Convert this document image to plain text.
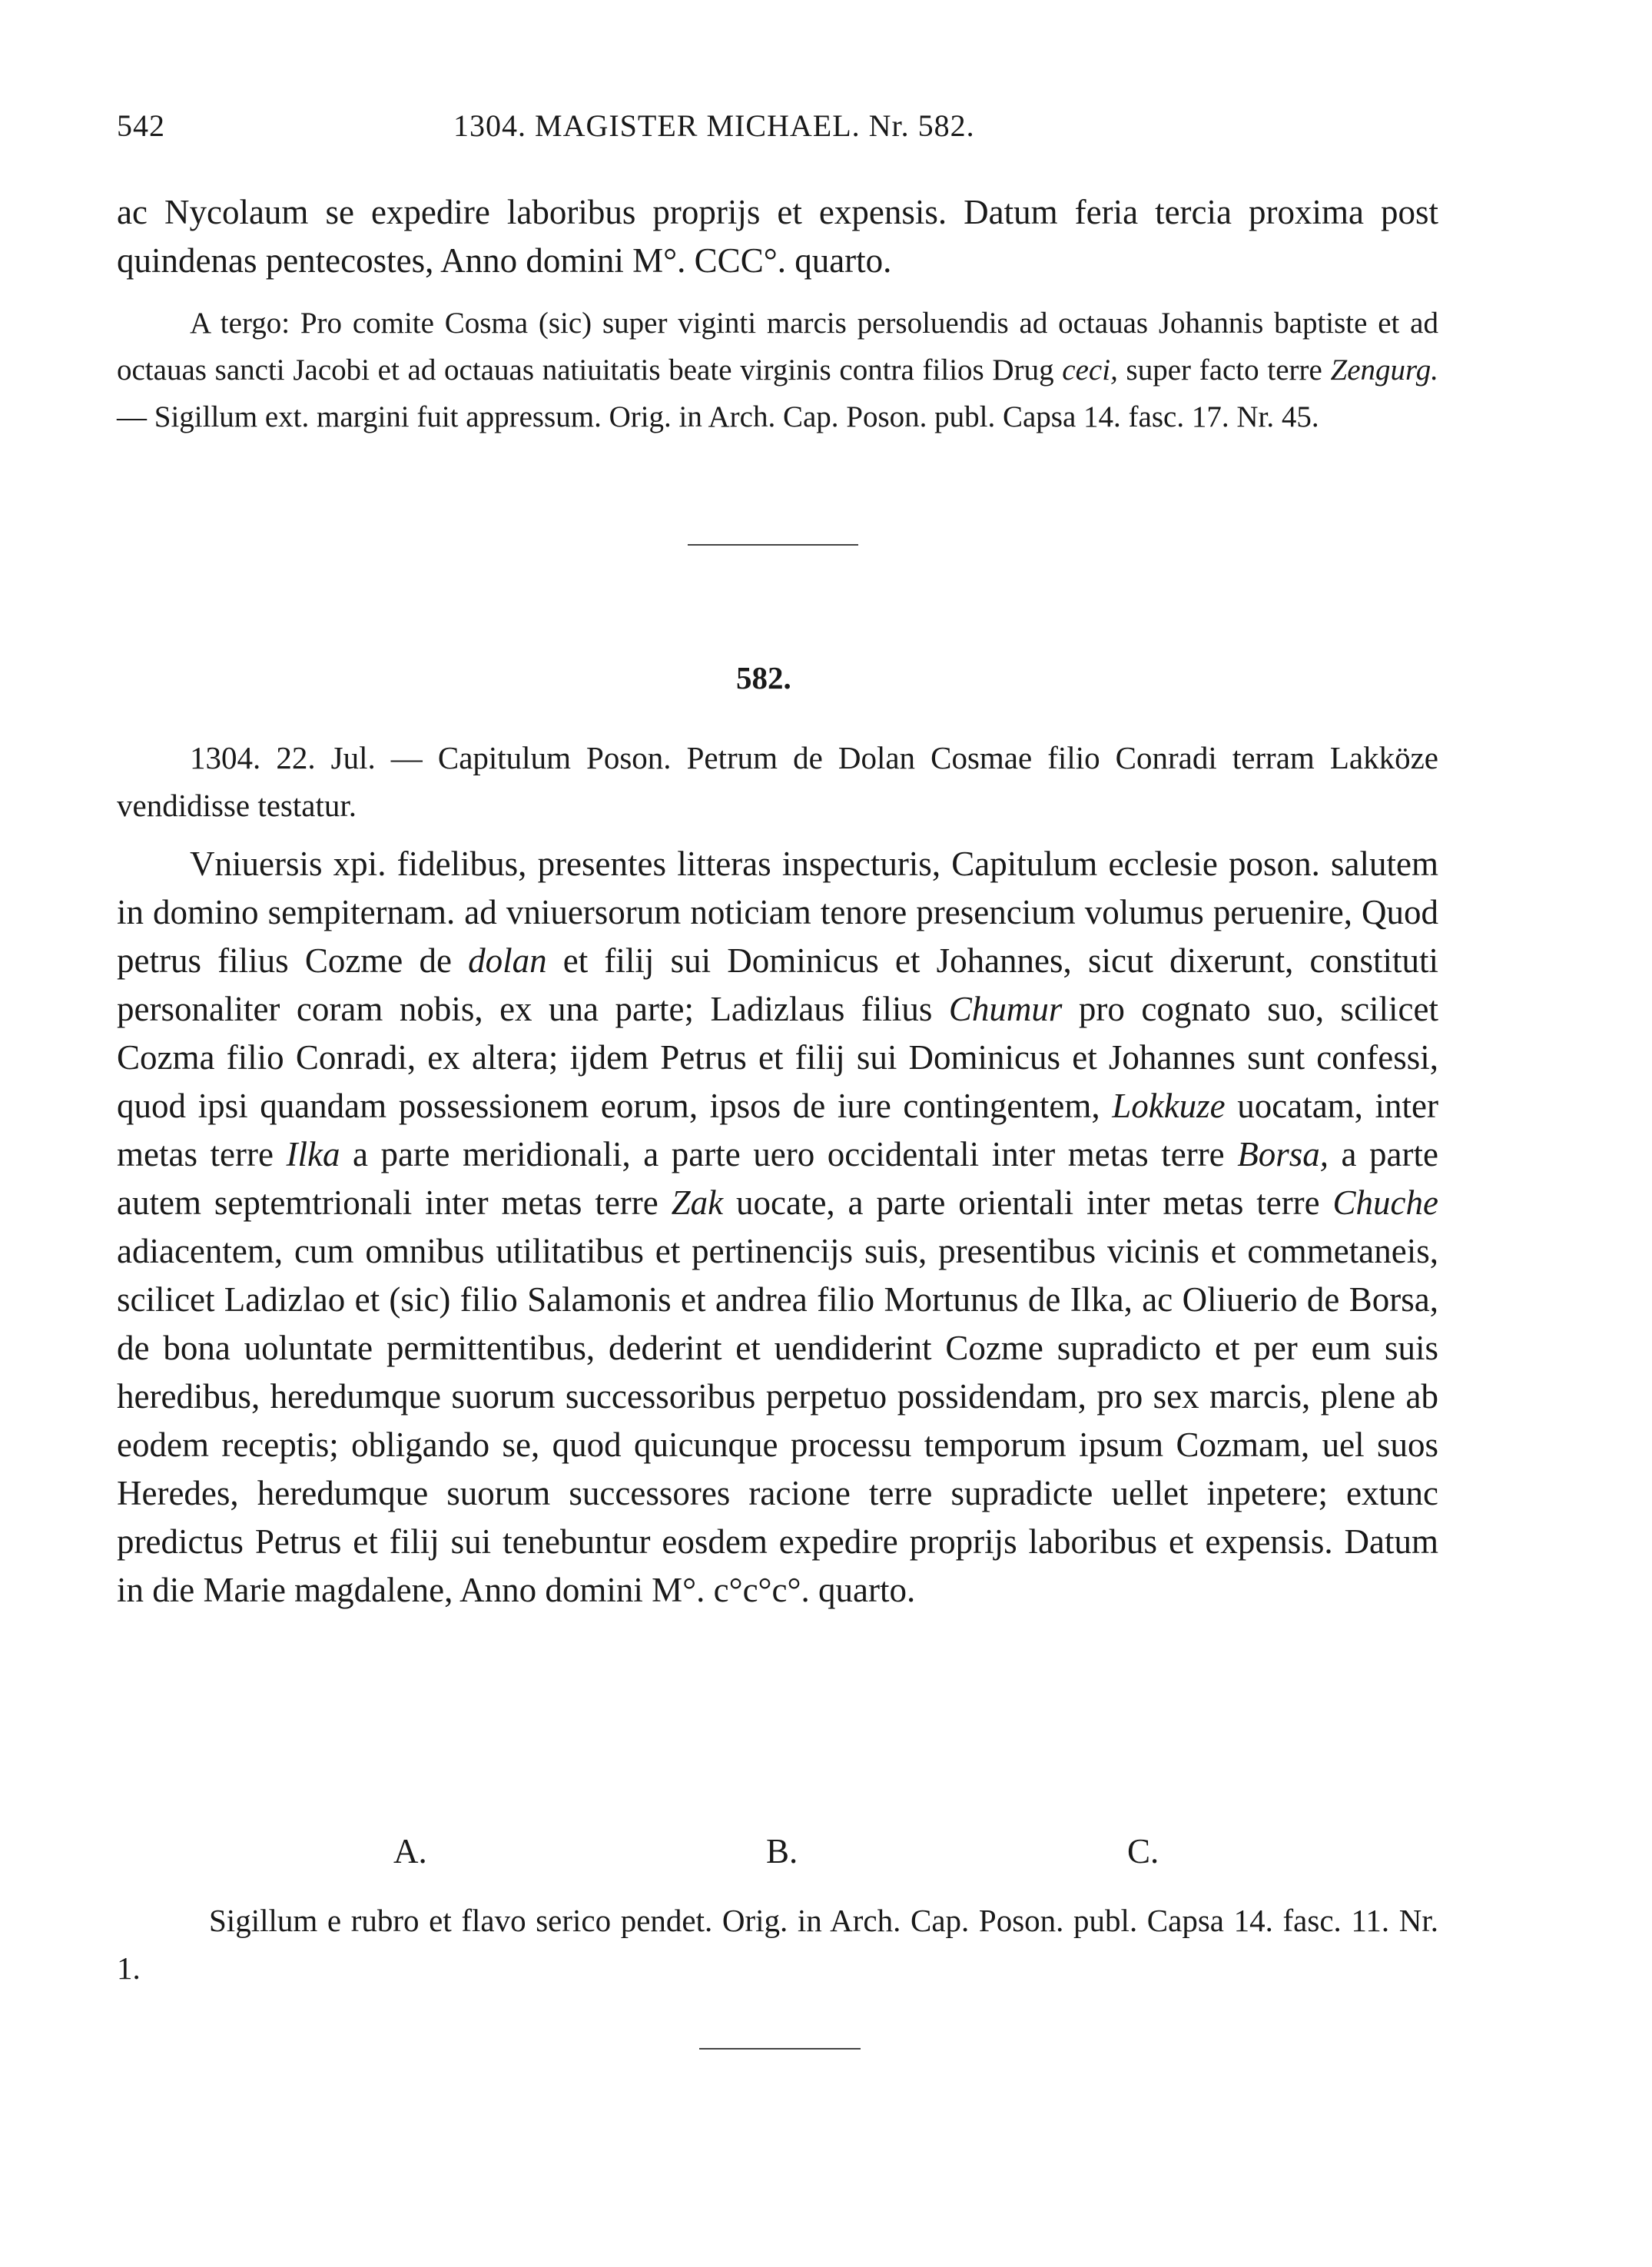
542	1304. MAGISTER MICHAEL. Nr. 582.

ac Nycolaum se expedire laboribus proprijs et expensis. Datum feria tercia proxima post quindenas pentecostes, Anno domini M°. CCC°. quarto.

A tergo: Pro comite Cosma (sic) super viginti marcis persoluendis ad octauas Johannis baptiste et ad octauas sancti Jacobi et ad octauas natiuitatis beate virginis contra filios Drug ceci, super facto terre Zengurg. — Sigillum ext. margini fuit appressum. Orig. in Arch. Cap. Poson. publ. Capsa 14. fasc. 17. Nr. 45.

582.

1304. 22. Jul. — Capitulum Poson. Petrum de Dolan Cosmae filio Conradi terram Lakköze vendidisse testatur.

Vniuersis xpi. fidelibus, presentes litteras inspecturis, Capitulum ecclesie poson. salutem in domino sempiternam. ad vniuersorum noticiam tenore presencium volumus peruenire, Quod petrus filius Cozme de dolan et filij sui Dominicus et Johannes, sicut dixerunt, constituti personaliter coram nobis, ex una parte; Ladizlaus filius Chumur pro cognato suo, scilicet Cozma filio Conradi, ex altera; ijdem Petrus et filij sui Dominicus et Johannes sunt confessi, quod ipsi quandam possessionem eorum, ipsos de iure contingentem, Lokkuze uocatam, inter metas terre Ilka a parte meridionali, a parte uero occidentali inter metas terre Borsa, a parte autem septemtrionali inter metas terre Zak uocate, a parte orientali inter metas terre Chuche adiacentem, cum omnibus utilitatibus et pertinencijs suis, presentibus vicinis et commetaneis, scilicet Ladizlao et (sic) filio Salamonis et andrea filio Mortunus de Ilka, ac Oliuerio de Borsa, de bona uoluntate permittentibus, dederint et uendiderint Cozme supradicto et per eum suis heredibus, heredumque suorum successoribus perpetuo possidendam, pro sex marcis, plene ab eodem receptis; obligando se, quod quicunque processu temporum ipsum Cozmam, uel suos Heredes, heredumque suorum successores racione terre supradicte uellet inpetere; extunc predictus Petrus et filij sui tenebuntur eosdem expedire proprijs laboribus et expensis. Datum in die Marie magdalene, Anno domini M°. c°c°c°. quarto.

A.	B.	C.

Sigillum e rubro et flavo serico pendet. Orig. in Arch. Cap. Poson. publ. Capsa 14. fasc. 11. Nr. 1.
